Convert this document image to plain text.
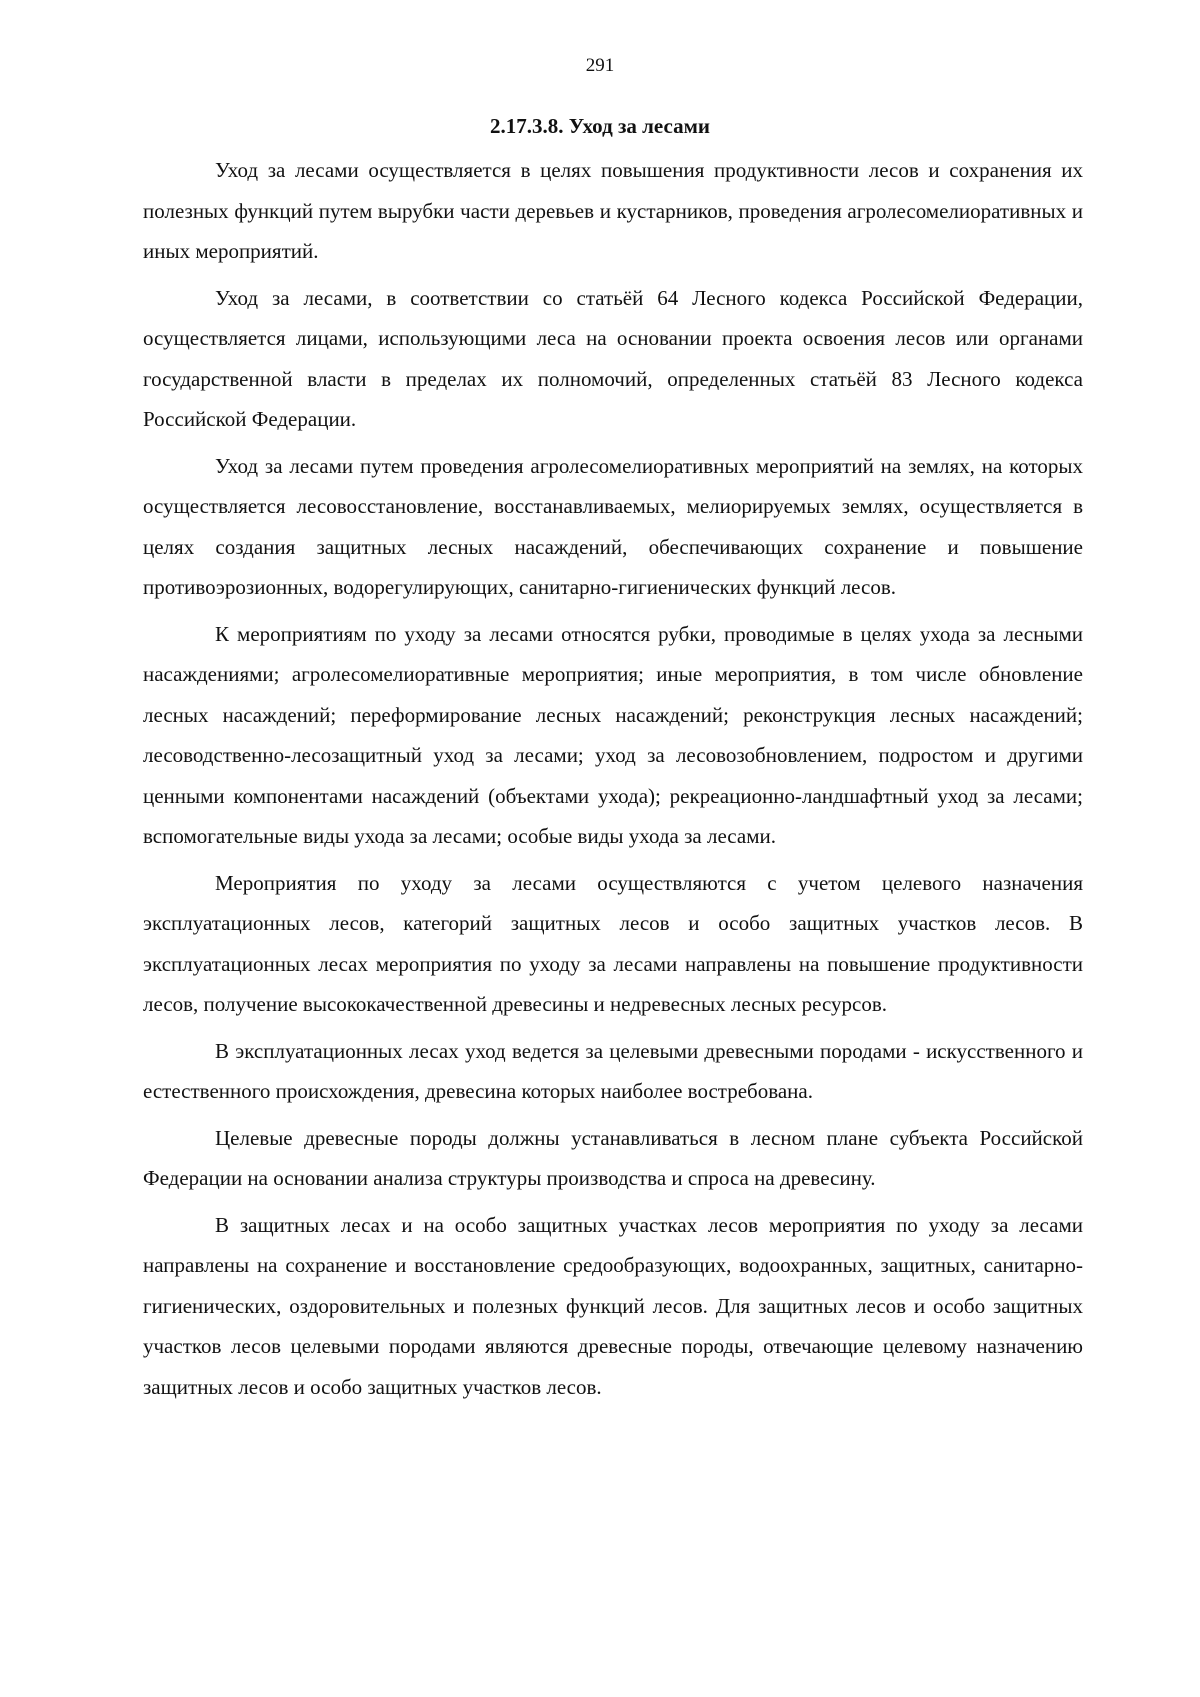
291
2.17.3.8. Уход за лесами

Уход за лесами осуществляется в целях повышения продуктивности лесов и сохранения их полезных функций путем вырубки части деревьев и кустарников, проведения агролесомелиоративных и иных мероприятий.

Уход за лесами, в соответствии со статьёй 64 Лесного кодекса Российской Федерации, осуществляется лицами, использующими леса на основании проекта освоения лесов или органами государственной власти в пределах их полномочий, определенных статьёй 83 Лесного кодекса Российской Федерации.

Уход за лесами путем проведения агролесомелиоративных мероприятий на землях, на которых осуществляется лесовосстановление, восстанавливаемых, мелиорируемых землях, осуществляется в целях создания защитных лесных насаждений, обеспечивающих сохранение и повышение противоэрозионных, водорегулирующих, санитарно-гигиенических функций лесов.

К мероприятиям по уходу за лесами относятся рубки, проводимые в целях ухода за лесными насаждениями; агролесомелиоративные мероприятия; иные мероприятия, в том числе обновление лесных насаждений; переформирование лесных насаждений; реконструкция лесных насаждений; лесоводственно-лесозащитный уход за лесами; уход за лесовозобновлением, подростом и другими ценными компонентами насаждений (объектами ухода); рекреационно-ландшафтный уход за лесами; вспомогательные виды ухода за лесами; особые виды ухода за лесами.

Мероприятия по уходу за лесами осуществляются с учетом целевого назначения эксплуатационных лесов, категорий защитных лесов и особо защитных участков лесов. В эксплуатационных лесах мероприятия по уходу за лесами направлены на повышение продуктивности лесов, получение высококачественной древесины и недревесных лесных ресурсов.

В эксплуатационных лесах уход ведется за целевыми древесными породами - искусственного и естественного происхождения, древесина которых наиболее востребована.

Целевые древесные породы должны устанавливаться в лесном плане субъекта Российской Федерации на основании анализа структуры производства и спроса на древесину.

В защитных лесах и на особо защитных участках лесов мероприятия по уходу за лесами направлены на сохранение и восстановление средообразующих, водоохранных, защитных, санитарно-гигиенических, оздоровительных и полезных функций лесов. Для защитных лесов и особо защитных участков лесов целевыми породами являются древесные породы, отвечающие целевому назначению защитных лесов и особо защитных участков лесов.
